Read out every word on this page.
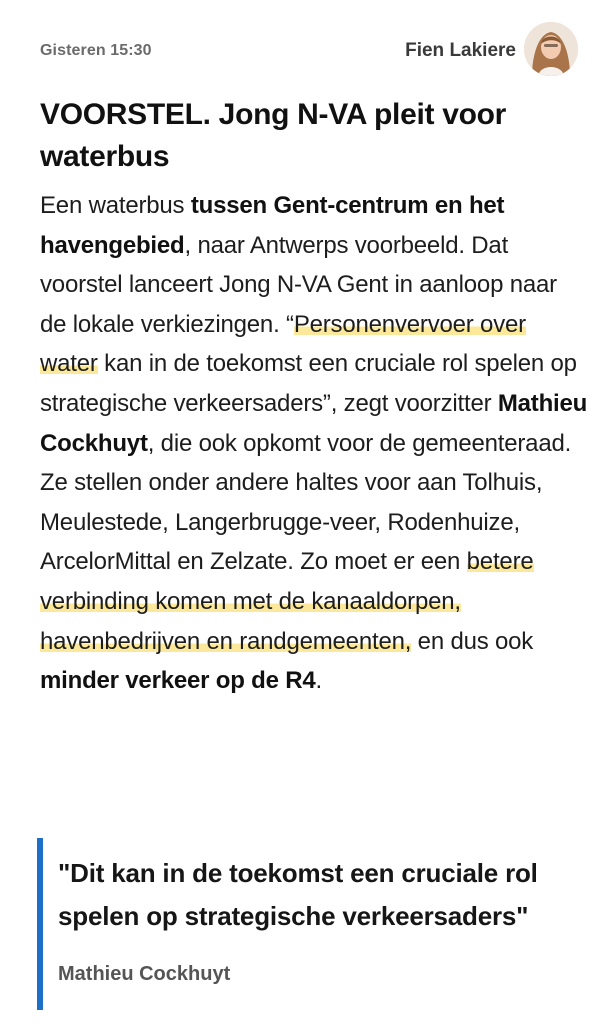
Gisteren 15:30	Fien Lakiere
VOORSTEL. Jong N-VA pleit voor waterbus

Een waterbus tussen Gent-centrum en het havengebied, naar Antwerps voorbeeld. Dat voorstel lanceert Jong N-VA Gent in aanloop naar de lokale verkiezingen. “Personenvervoer over water kan in de toekomst een cruciale rol spelen op strategische verkeersaders”, zegt voorzitter Mathieu Cockhuyt, die ook opkomt voor de gemeenteraad. Ze stellen onder andere haltes voor aan Tolhuis, Meulestede, Langerbrugge-veer, Rodenhuize, ArcelorMittal en Zelzate. Zo moet er een betere verbinding komen met de kanaaldorpen, havenbedrijven en randgemeenten, en dus ook minder verkeer op de R4.

"Dit kan in de toekomst een cruciale rol spelen op strategische verkeersaders"

Mathieu Cockhuyt
